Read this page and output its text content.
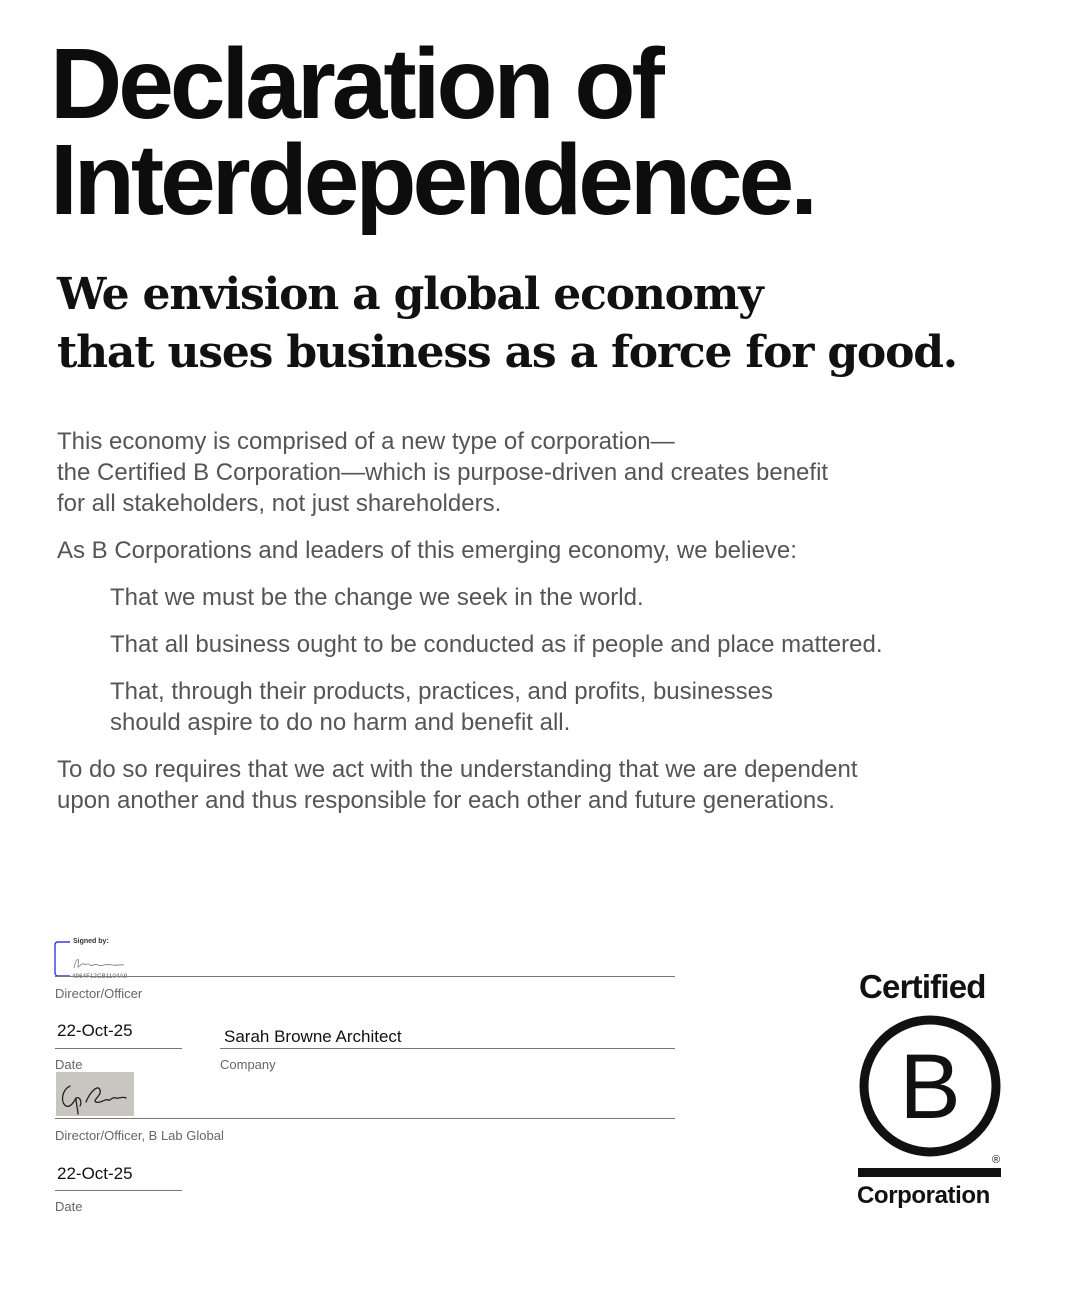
Declaration of
Interdependence.
We envision a global economy
that uses business as a force for good.

This economy is comprised of a new type of corporation—
the Certified B Corporation—which is purpose-driven and creates benefit
for all stakeholders, not just shareholders.

As B Corporations and leaders of this emerging economy, we believe:

That we must be the change we seek in the world.

That all business ought to be conducted as if people and place mattered.

That, through their products, practices, and profits, businesses
should aspire to do no harm and benefit all.

To do so requires that we act with the understanding that we are dependent
upon another and thus responsible for each other and future generations.

Signed by:
4964F12CB1104A9
Director/Officer
22-Oct-25
Date
Sarah Browne Architect
Company
Director/Officer, B Lab Global
22-Oct-25
Date
Certified
B
®
Corporation
